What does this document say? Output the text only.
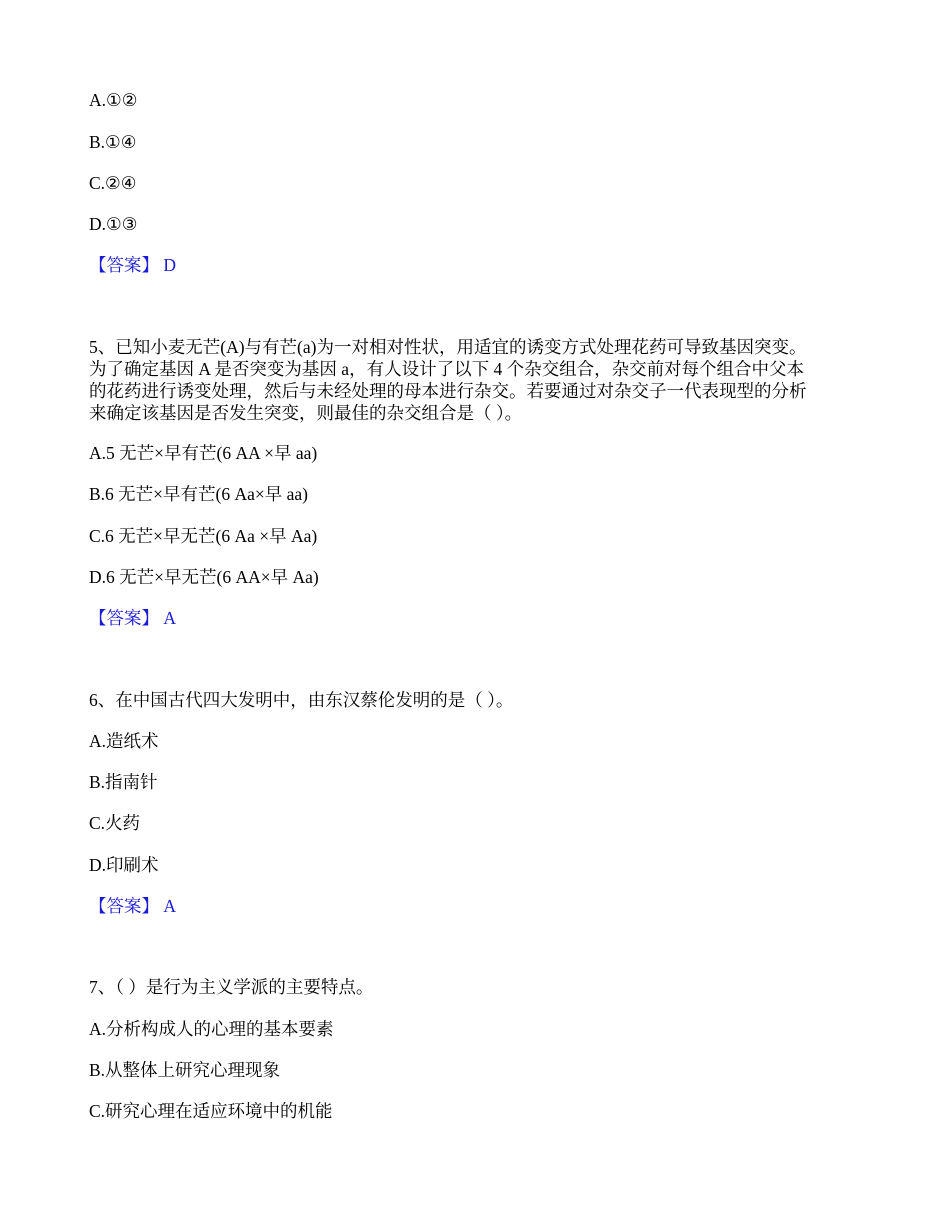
A.①②
B.①④
C.②④
D.①③
【答案】 D
5、已知小麦无芒(A)与有芒(a)为一对相对性状，用适宜的诱变方式处理花药可导致基因突变。
为了确定基因 A 是否突变为基因 a，有人设计了以下 4 个杂交组合，杂交前对每个组合中父本
的花药进行诱变处理，然后与未经处理的母本进行杂交。若要通过对杂交子一代表现型的分析
来确定该基因是否发生突变，则最佳的杂交组合是（ ）。
A.5 无芒×早有芒(6 AA ×早 aa)
B.6 无芒×早有芒(6 Aa×早 aa)
C.6 无芒×早无芒(6 Aa ×早 Aa)
D.6 无芒×早无芒(6 AA×早 Aa)
【答案】 A
6、在中国古代四大发明中，由东汉蔡伦发明的是（ ）。
A.造纸术
B.指南针
C.火药
D.印刷术
【答案】 A
7、（ ）是行为主义学派的主要特点。
A.分析构成人的心理的基本要素
B.从整体上研究心理现象
C.研究心理在适应环境中的机能
